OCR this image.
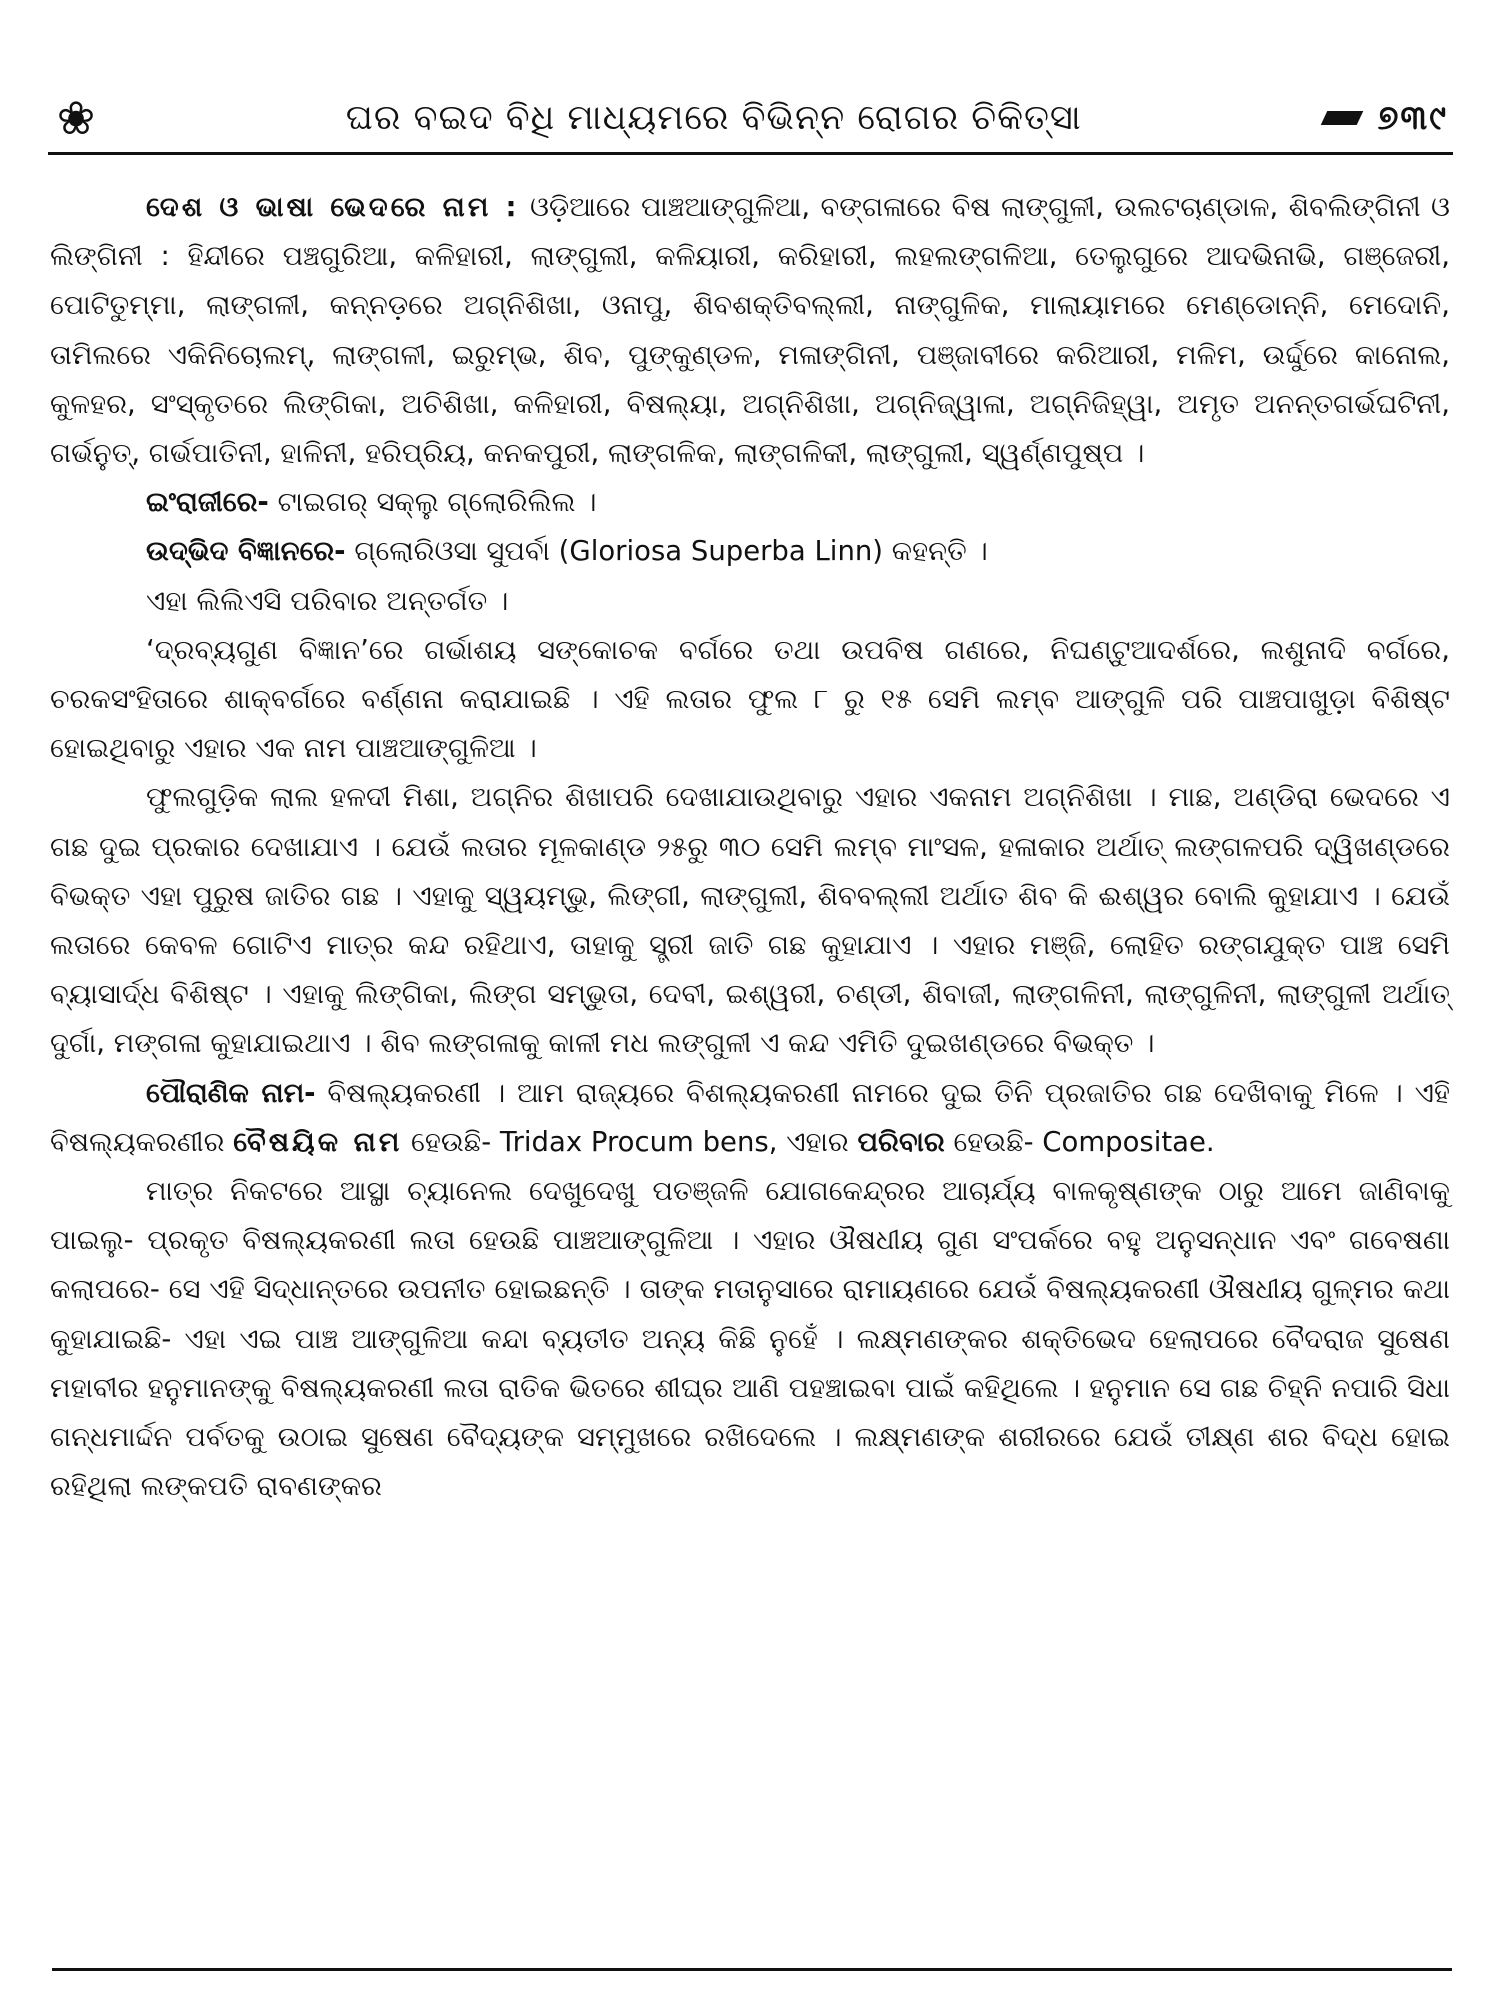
❀	ଘର ବଇଦ ବିଧି ମାଧ୍ୟମରେ ବିଭିନ୍ନ ରୋଗର ଚିକିତ୍ସା	୭୩୯

ଦେଶ ଓ ଭାଷା ଭେଦରେ ନାମ : ଓଡ଼ିଆରେ ପାଞ୍ଚଆଙ୍ଗୁଳିଆ, ବଙ୍ଗଳାରେ ବିଷ ଲାଙ୍ଗୁଳୀ, ଉଲଟଚାଣ୍ଡାଳ, ଶିବଲିଙ୍ଗିନୀ ଓ ଲିଙ୍ଗିନୀ : ହିନ୍ଦୀରେ ପଞ୍ଚଗୁରିଆ, କଳିହାରୀ, ଲାଙ୍ଗୁଲୀ, କଳିୟାରୀ, କରିହାରୀ, ଲହଲଙ୍ଗଳିଆ, ତେଲୁଗୁରେ ଆଦଭିନାଭି, ଗଞ୍ଜେରୀ, ପୋଟିତୁମ୍ମା, ଲାଙ୍ଗଳୀ, କନ୍ନଡ଼ରେ ଅଗ୍ନିଶିଖା, ଓନାପୁ, ଶିବଶକ୍ତିବଲ୍ଲୀ, ନାଙ୍ଗୁଳିକ, ମାଲାୟାମରେ ମେଣ୍ଡୋନ୍ନି, ମେଦୋନି, ତାମିଲରେ ଏକିନିଚୋଲମ୍, ଲାଙ୍ଗଳୀ, ଇରୁମ୍ଭ, ଶିବ, ପୁଙ୍କୁଣ୍ଡଳ, ମଳାଙ୍ଗିନୀ, ପଞ୍ଜାବୀରେ କରିଆରୀ, ମଳିମ, ଉର୍ଦ୍ଦୁରେ କାନୋଲ, କୁଳହର, ସଂସ୍କୃତରେ ଲିଙ୍ଗିକା, ଅଚିଶିଖା, କଳିହାରୀ, ବିଷଲ୍ୟା, ଅଗ୍ନିଶିଖା, ଅଗ୍ନିଜ୍ୱାଳା, ଅଗ୍ନିଜିହ୍ୱା, ଅମୃତ ଅନନ୍ତଗର୍ଭଘଟିନୀ, ଗର୍ଭନୁତ୍, ଗର୍ଭପାତିନୀ, ହାଳିନୀ, ହରିପ୍ରିୟ, କନକପୁରୀ, ଲାଙ୍ଗଳିକ, ଲାଙ୍ଗଳିକୀ, ଲାଙ୍ଗୁଲୀ, ସ୍ୱର୍ଣ୍ଣପୁଷ୍ପ ।

ଇଂରାଜୀରେ- ଟାଇଗର୍ ସକ୍ଲୁ ଗ୍ଲୋରିଲିଲ ।

ଉଦ୍ଭିଦ ବିଜ୍ଞାନରେ- ଗ୍ଲୋରିଓସା ସୁପର୍ବା (Gloriosa Superba Linn) କହନ୍ତି ।

ଏହା ଲିଲିଏସି ପରିବାର ଅନ୍ତର୍ଗତ ।

‘ଦ୍ରବ୍ୟଗୁଣ ବିଜ୍ଞାନ’ରେ ଗର୍ଭାଶୟ ସଙ୍କୋଚକ ବର୍ଗରେ ତଥା ଉପବିଷ ଗଣରେ, ନିଘଣ୍ଟୁଆଦର୍ଶରେ, ଲଶୁନାଦି ବର୍ଗରେ, ଚରକସଂହିତାରେ ଶାକ୍ବର୍ଗରେ ବର୍ଣ୍ଣନା କରାଯାଇଛି । ଏହି ଲତାର ଫୁଲ ୮ ରୁ ୧୫ ସେମି ଲମ୍ବ ଆଙ୍ଗୁଳି ପରି ପାଞ୍ଚପାଖୁଡ଼ା ବିଶିଷ୍ଟ ହୋଇଥିବାରୁ ଏହାର ଏକ ନାମ ପାଞ୍ଚଆଙ୍ଗୁଳିଆ ।

ଫୁଲଗୁଡ଼ିକ ଲାଲ ହଳଦୀ ମିଶା, ଅଗ୍ନିର ଶିଖାପରି ଦେଖାଯାଉଥିବାରୁ ଏହାର ଏକନାମ ଅଗ୍ନିଶିଖା । ମାଛ, ଅଣ୍ଡିରା ଭେଦରେ ଏ ଗଛ ଦୁଇ ପ୍ରକାର ଦେଖାଯାଏ । ଯେଉଁ ଲତାର ମୂଳକାଣ୍ଡ ୨୫ରୁ ୩୦ ସେମି ଲମ୍ବ ମାଂସଳ, ହଳାକାର ଅର୍ଥାତ୍ ଲଙ୍ଗଳପରି ଦ୍ୱିଖଣ୍ଡରେ ବିଭକ୍ତ ଏହା ପୁରୁଷ ଜାତିର ଗଛ । ଏହାକୁ ସ୍ୱୟମ୍ଭୁ, ଲିଙ୍ଗୀ, ଲାଙ୍ଗୁଲୀ, ଶିବବଲ୍ଲୀ ଅର୍ଥାତ ଶିବ କି ଈଶ୍ୱର ବୋଲି କୁହାଯାଏ । ଯେଉଁ ଲତାରେ କେବଳ ଗୋଟିଏ ମାତ୍ର କନ୍ଦ ରହିଥାଏ, ତାହାକୁ ସ୍ତ୍ରୀ ଜାତି ଗଛ କୁହାଯାଏ । ଏହାର ମଞ୍ଜି, ଲୋହିତ ରଙ୍ଗଯୁକ୍ତ ପାଞ୍ଚ ସେମି ବ୍ୟାସାର୍ଦ୍ଧ ବିଶିଷ୍ଟ । ଏହାକୁ ଲିଙ୍ଗିକା, ଲିଙ୍ଗ ସମ୍ଭୁତା, ଦେବୀ, ଇଶ୍ୱରୀ, ଚଣ୍ଡୀ, ଶିବାଜୀ, ଲାଙ୍ଗଳିନୀ, ଲାଙ୍ଗୁଳିନୀ, ଲାଙ୍ଗୁଳୀ ଅର୍ଥାତ୍ ଦୁର୍ଗା, ମଙ୍ଗଳା କୁହାଯାଇଥାଏ । ଶିବ ଲଙ୍ଗଳାକୁ କାଳୀ ମଧ ଲଙ୍ଗୁଳୀ ଏ କନ୍ଦ ଏମିତି ଦୁଇଖଣ୍ଡରେ ବିଭକ୍ତ ।

ପୌରାଣିକ ନାମ- ବିଷଲ୍ୟକରଣୀ । ଆମ ରାଜ୍ୟରେ ବିଶଲ୍ୟକରଣୀ ନାମରେ ଦୁଇ ତିନି ପ୍ରଜାତିର ଗଛ ଦେଖିବାକୁ ମିଳେ । ଏହି ବିଷଲ୍ୟକରଣୀର ବୈଷୟିକ ନାମ ହେଉଛି- Tridax Procum bens, ଏହାର ପରିବାର ହେଉଛି- Compositae.

ମାତ୍ର ନିକଟରେ ଆସ୍ଥା ଚ୍ୟାନେଲ ଦେଖୁଦେଖୁ ପତଞ୍ଜଳି ଯୋଗକେନ୍ଦ୍ରର ଆଚାର୍ଯ୍ୟ ବାଳକୃଷ୍ଣଙ୍କ ଠାରୁ ଆମେ ଜାଣିବାକୁ ପାଇଲୁ- ପ୍ରକୃତ ବିଷଲ୍ୟକରଣୀ ଲତା ହେଉଛି ପାଞ୍ଚଆଙ୍ଗୁଳିଆ । ଏହାର ଔଷଧୀୟ ଗୁଣ ସଂପର୍କରେ ବହୁ ଅନୁସନ୍ଧାନ ଏବଂ ଗବେଷଣା କଲାପରେ- ସେ ଏହି ସିଦ୍ଧାନ୍ତରେ ଉପନୀତ ହୋଇଛନ୍ତି । ତାଙ୍କ ମତାନୁସାରେ ରାମାୟଣରେ ଯେଉଁ ବିଷଲ୍ୟକରଣୀ ଔଷଧୀୟ ଗୁଳ୍ମର କଥା କୁହାଯାଇଛି- ଏହା ଏଇ ପାଞ୍ଚ ଆଙ୍ଗୁଳିଆ କନ୍ଦା ବ୍ୟତୀତ ଅନ୍ୟ କିଛି ନୁହେଁ । ଲକ୍ଷ୍ମଣଙ୍କର ଶକ୍ତିଭେଦ ହେଲାପରେ ବୈଦରାଜ ସୁଷେଣ ମହାବୀର ହନୁମାନଙ୍କୁ ବିଷଲ୍ୟକରଣୀ ଲତା ରାତିକ ଭିତରେ ଶୀଘ୍ର ଆଣି ପହଞ୍ଚାଇବା ପାଇଁ କହିଥିଲେ । ହନୁମାନ ସେ ଗଛ ଚିହ୍ନି ନପାରି ସିଧା ଗନ୍ଧମାର୍ଦ୍ଦନ ପର୍ବତକୁ ଉଠାଇ ସୁଷେଣ ବୈଦ୍ୟଙ୍କ ସମ୍ମୁଖରେ ରଖିଦେଲେ । ଲକ୍ଷ୍ମଣଙ୍କ ଶରୀରରେ ଯେଉଁ ତୀକ୍ଷ୍ଣ ଶର ବିଦ୍ଧ ହୋଇ ରହିଥିଲା ଲଙ୍କପତି ରାବଣଙ୍କର
